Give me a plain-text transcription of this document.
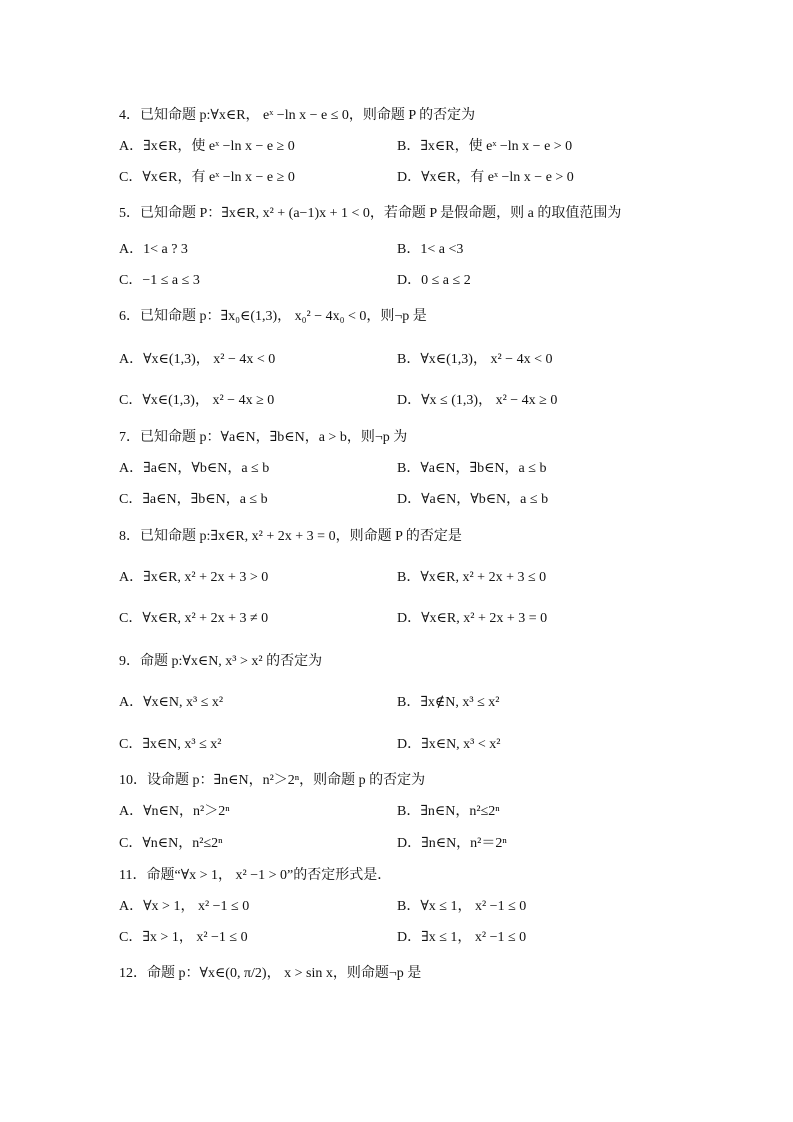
4．已知命题 p:∀x∈R， eˣ −ln x − e ≤ 0，则命题 P 的否定为
A．∃x∈R，使 eˣ −ln x − e ≥ 0	B．∃x∈R，使 eˣ −ln x − e > 0
C．∀x∈R，有 eˣ −ln x − e ≥ 0	D．∀x∈R，有 eˣ −ln x − e > 0
5．已知命题 P：∃x∈R, x² + (a−1)x + 1 < 0，若命题 P 是假命题，则 a 的取值范围为
A．1< a ? 3	B．1< a <3
C．−1 ≤ a ≤ 3	D．0 ≤ a ≤ 2
6．已知命题 p：∃x₀∈(1,3)， x₀² − 4x₀ < 0，则¬p 是
A．∀x∈(1,3)， x² − 4x < 0	B．∀x∈(1,3)， x² − 4x < 0
C．∀x∈(1,3)， x² − 4x ≥ 0	D．∀x ≤ (1,3)， x² − 4x ≥ 0
7．已知命题 p：∀a∈N，∃b∈N，a > b，则¬p 为
A．∃a∈N，∀b∈N，a ≤ b	B．∀a∈N，∃b∈N，a ≤ b
C．∃a∈N，∃b∈N，a ≤ b	D．∀a∈N，∀b∈N，a ≤ b
8．已知命题 p:∃x∈R, x² + 2x + 3 = 0，则命题 P 的否定是
A．∃x∈R, x² + 2x + 3 > 0	B．∀x∈R, x² + 2x + 3 ≤ 0
C．∀x∈R, x² + 2x + 3 ≠ 0	D．∀x∈R, x² + 2x + 3 = 0
9．命题 p:∀x∈N, x³ > x² 的否定为
A．∀x∈N, x³ ≤ x²	B．∃x∉N, x³ ≤ x²
C．∃x∈N, x³ ≤ x²	D．∃x∈N, x³ < x²
10．设命题 p：∃n∈N，n²＞2ⁿ，则命题 p 的否定为
A．∀n∈N，n²＞2ⁿ	B．∃n∈N，n²≤2ⁿ
C．∀n∈N，n²≤2ⁿ	D．∃n∈N，n²＝2ⁿ
11．命题“∀x > 1， x² −1 > 0”的否定形式是．
A．∀x > 1， x² −1 ≤ 0	B．∀x ≤ 1， x² −1 ≤ 0
C．∃x > 1， x² −1 ≤ 0	D．∃x ≤ 1， x² −1 ≤ 0
12．命题 p：∀x∈(0, π/2)， x > sin x，则命题¬p 是
